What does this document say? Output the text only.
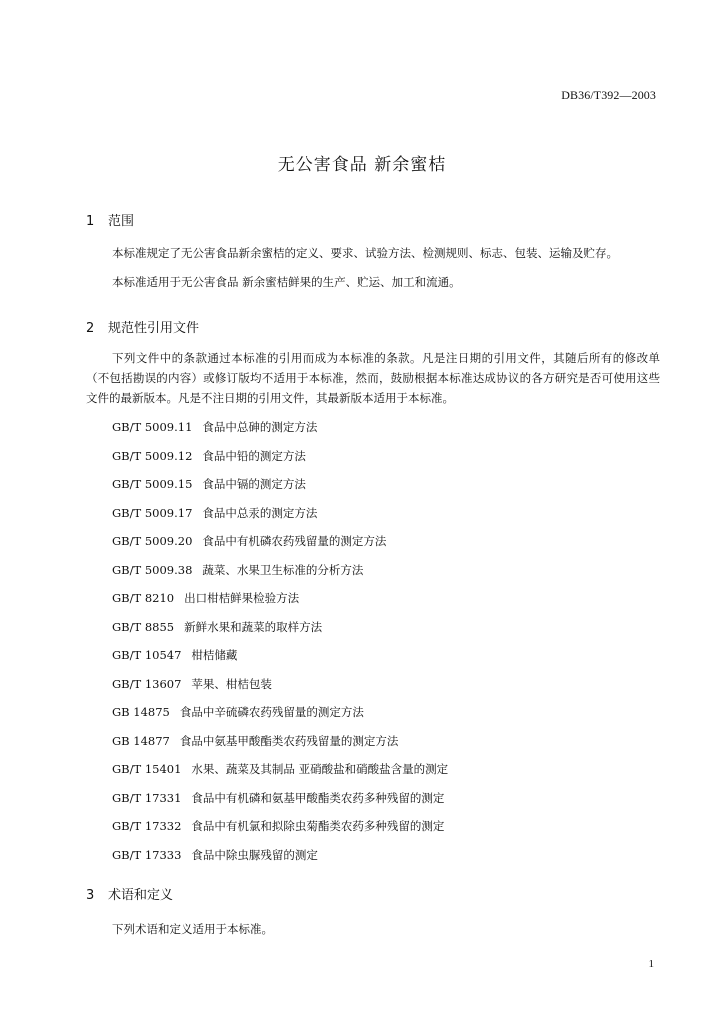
DB36/T392—2003
无公害食品 新余蜜桔
1 范围
本标准规定了无公害食品新余蜜桔的定义、要求、试验方法、检测规则、标志、包装、运输及贮存。
本标准适用于无公害食品 新余蜜桔鲜果的生产、贮运、加工和流通。
2 规范性引用文件
下列文件中的条款通过本标准的引用而成为本标准的条款。凡是注日期的引用文件，其随后所有的修改单（不包括勘误的内容）或修订版均不适用于本标准，然而，鼓励根据本标准达成协议的各方研究是否可使用这些文件的最新版本。凡是不注日期的引用文件，其最新版本适用于本标准。
GB/T 5009.11 食品中总砷的测定方法
GB/T 5009.12 食品中铅的测定方法
GB/T 5009.15 食品中镉的测定方法
GB/T 5009.17 食品中总汞的测定方法
GB/T 5009.20 食品中有机磷农药残留量的测定方法
GB/T 5009.38 蔬菜、水果卫生标准的分析方法
GB/T 8210 出口柑桔鲜果检验方法
GB/T 8855 新鲜水果和蔬菜的取样方法
GB/T 10547 柑桔储藏
GB/T 13607 苹果、柑桔包装
GB 14875 食品中辛硫磷农药残留量的测定方法
GB 14877 食品中氨基甲酸酯类农药残留量的测定方法
GB/T 15401 水果、蔬菜及其制品 亚硝酸盐和硝酸盐含量的测定
GB/T 17331 食品中有机磷和氨基甲酸酯类农药多种残留的测定
GB/T 17332 食品中有机氯和拟除虫菊酯类农药多种残留的测定
GB/T 17333 食品中除虫脲残留的测定
3 术语和定义
下列术语和定义适用于本标准。
1
